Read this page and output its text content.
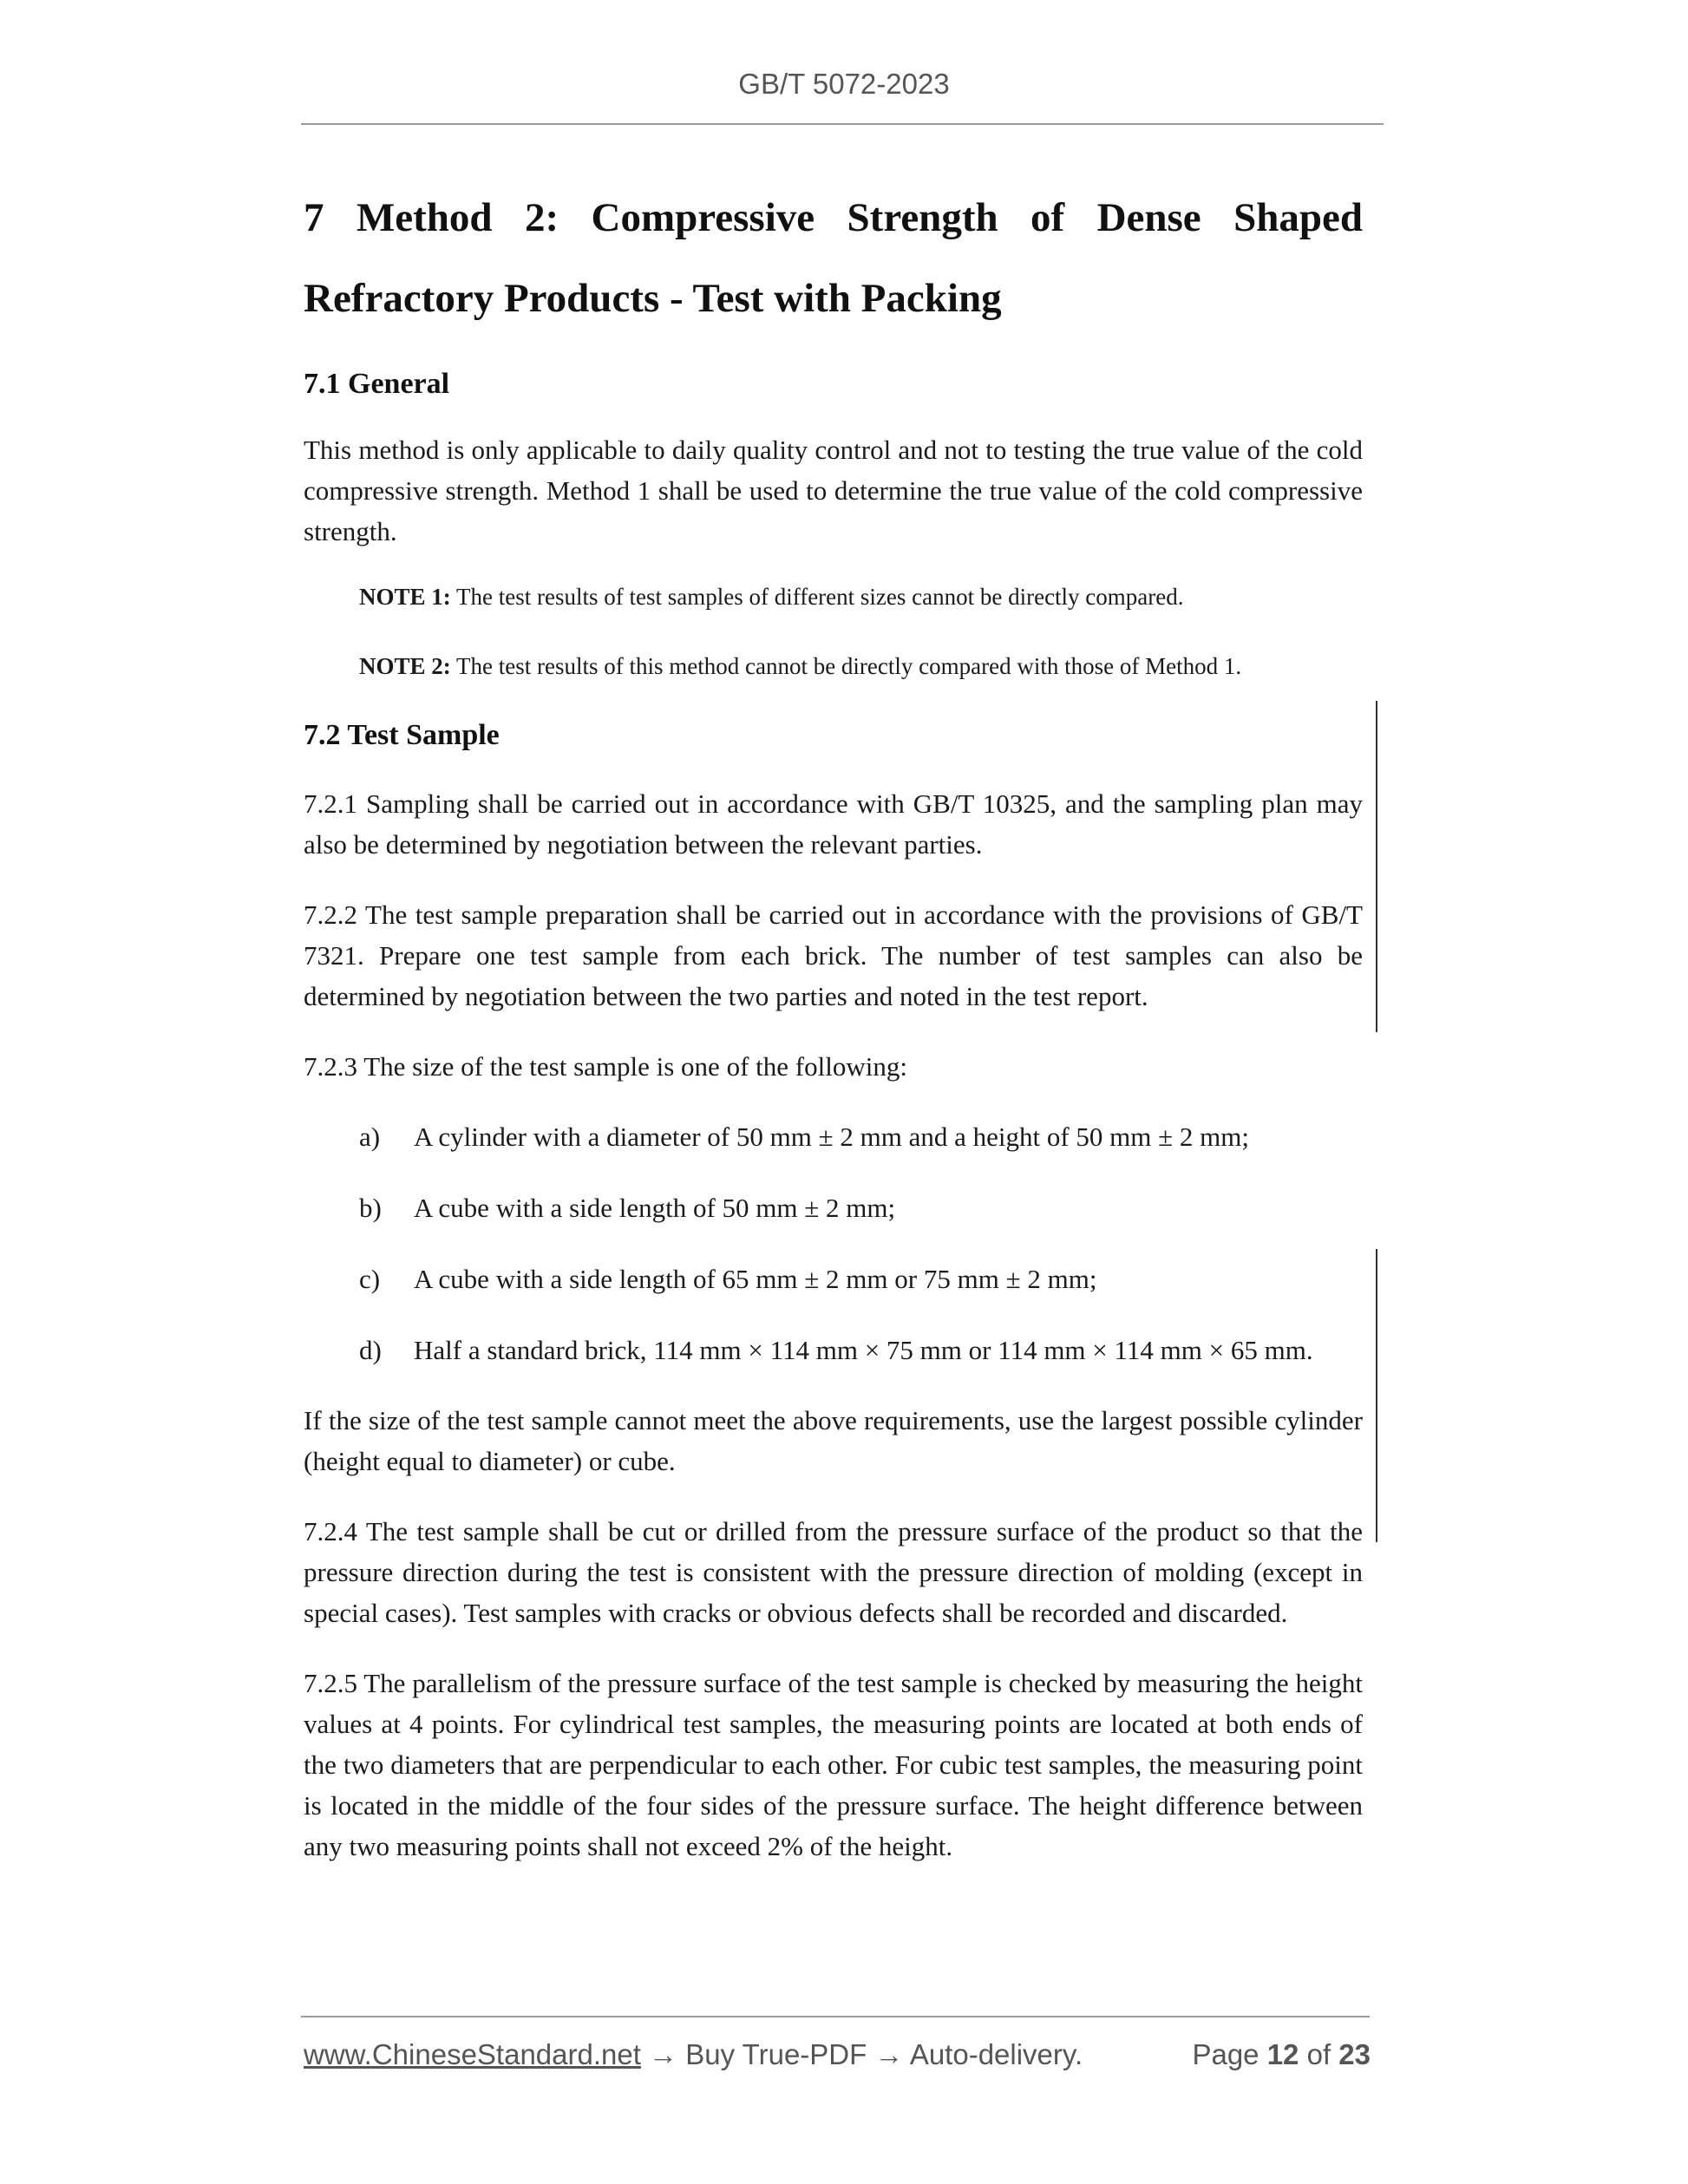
GB/T 5072-2023

7 Method 2: Compressive Strength of Dense Shaped Refractory Products - Test with Packing

7.1 General

This method is only applicable to daily quality control and not to testing the true value of the cold compressive strength. Method 1 shall be used to determine the true value of the cold compressive strength.

NOTE 1: The test results of test samples of different sizes cannot be directly compared.

NOTE 2: The test results of this method cannot be directly compared with those of Method 1.

7.2 Test Sample

7.2.1 Sampling shall be carried out in accordance with GB/T 10325, and the sampling plan may also be determined by negotiation between the relevant parties.

7.2.2 The test sample preparation shall be carried out in accordance with the provisions of GB/T 7321. Prepare one test sample from each brick. The number of test samples can also be determined by negotiation between the two parties and noted in the test report.

7.2.3 The size of the test sample is one of the following:

a) A cylinder with a diameter of 50 mm ± 2 mm and a height of 50 mm ± 2 mm;
b) A cube with a side length of 50 mm ± 2 mm;
c) A cube with a side length of 65 mm ± 2 mm or 75 mm ± 2 mm;
d) Half a standard brick, 114 mm × 114 mm × 75 mm or 114 mm × 114 mm × 65 mm.

If the size of the test sample cannot meet the above requirements, use the largest possible cylinder (height equal to diameter) or cube.

7.2.4 The test sample shall be cut or drilled from the pressure surface of the product so that the pressure direction during the test is consistent with the pressure direction of molding (except in special cases). Test samples with cracks or obvious defects shall be recorded and discarded.

7.2.5 The parallelism of the pressure surface of the test sample is checked by measuring the height values at 4 points. For cylindrical test samples, the measuring points are located at both ends of the two diameters that are perpendicular to each other. For cubic test samples, the measuring point is located in the middle of the four sides of the pressure surface. The height difference between any two measuring points shall not exceed 2% of the height.

www.ChineseStandard.net → Buy True-PDF → Auto-delivery.	Page 12 of 23
